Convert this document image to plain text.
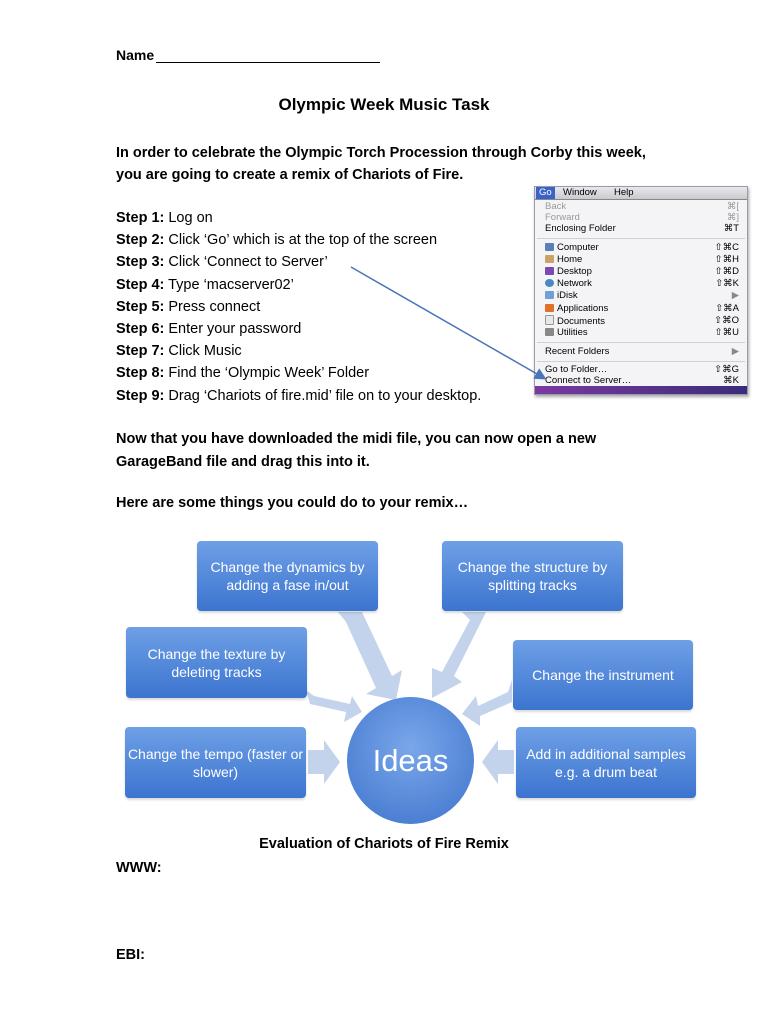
Name
Olympic Week Music Task
In order to celebrate the Olympic Torch Procession through Corby this week, you are going to create a remix of Chariots of Fire.
Step 1: Log on
Step 2: Click ‘Go’ which is at the top of the screen
Step 3: Click ‘Connect to Server’
Step 4: Type ‘macserver02’
Step 5: Press connect
Step 6: Enter your password
Step 7: Click Music
Step 8: Find the ‘Olympic Week’ Folder
Step 9: Drag ‘Chariots of fire.mid’ file on to your desktop.
Now that you have downloaded the midi file, you can now open a new GarageBand file and drag this into it.
Here are some things you could do to your remix…
Go	Window Help
Back	⌘[
Forward	⌘]
Enclosing Folder	⌘T
Computer	⇧⌘C
Home	⇧⌘H
Desktop	⇧⌘D
Network	⇧⌘K
iDisk	▶
Applications	⇧⌘A
Documents	⇧⌘O
Utilities	⇧⌘U
Recent Folders	▶
Go to Folder…	⇧⌘G
Connect to Server…	⌘K
Change the dynamics by adding a fase in/out
Change the structure by splitting tracks
Change the texture by deleting tracks	Change the instrument
Change the tempo (faster or slower)
Add in additional samples e.g. a drum beat
Ideas
Evaluation of Chariots of Fire Remix
WWW:
EBI:
